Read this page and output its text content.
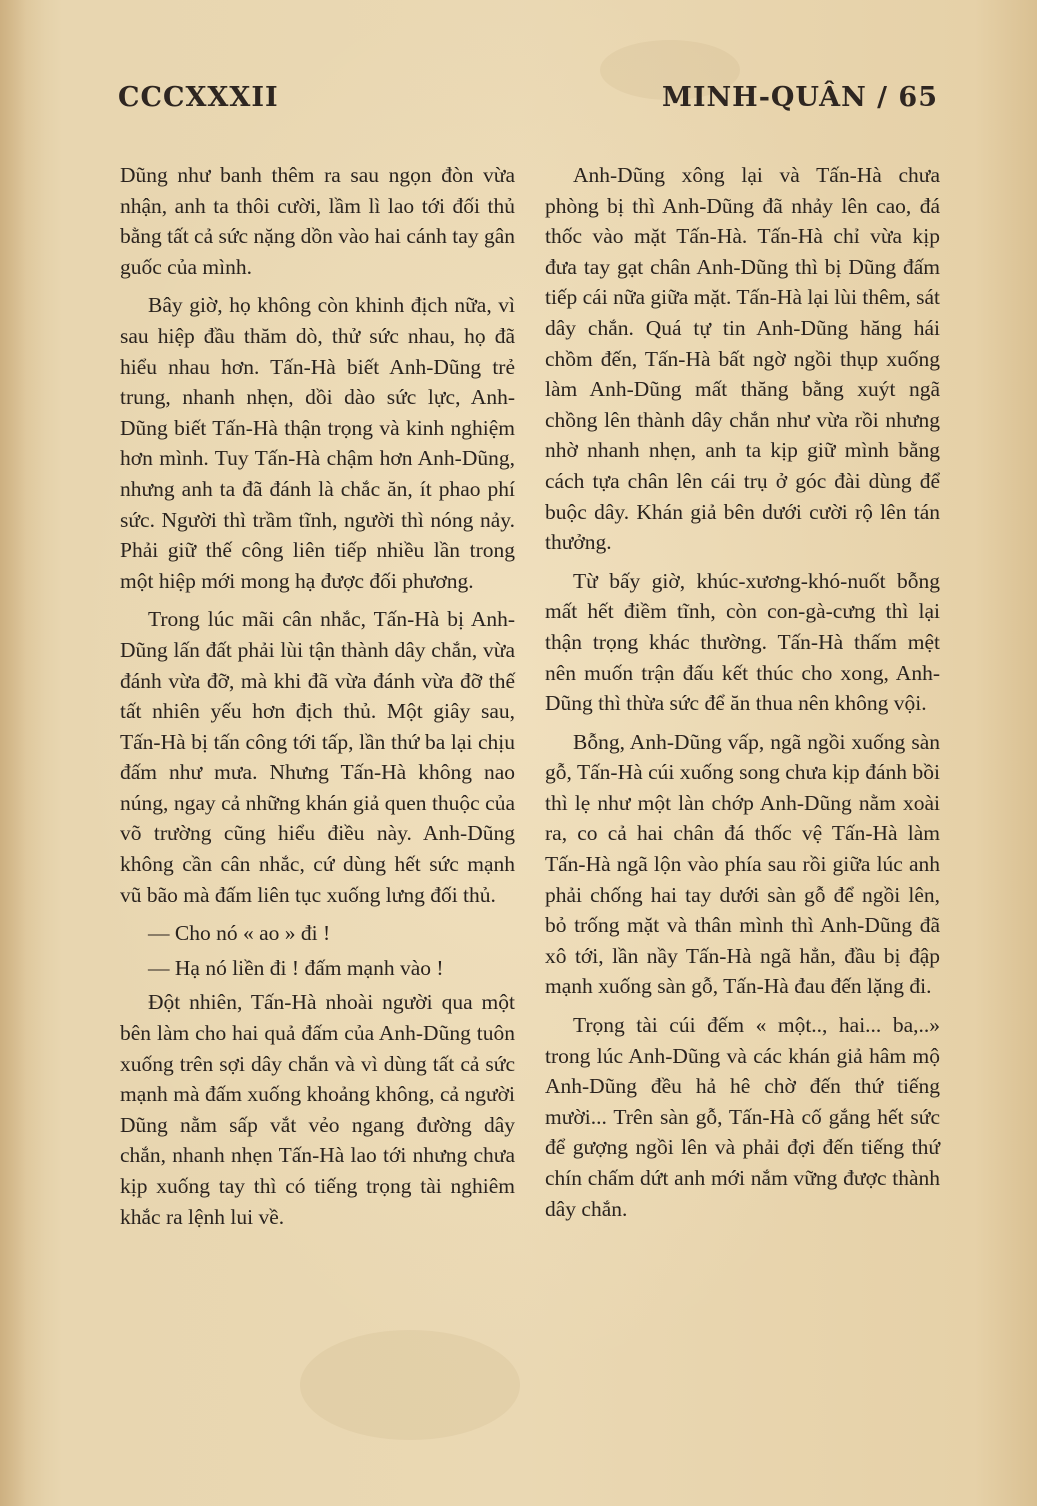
CCCXXXII	MINH-QUÂN / 65

Dũng như banh thêm ra sau ngọn đòn vừa nhận, anh ta thôi cười, lầm lì lao tới đối thủ bằng tất cả sức nặng dồn vào hai cánh tay gân guốc của mình.

Bây giờ, họ không còn khinh địch nữa, vì sau hiệp đầu thăm dò, thử sức nhau, họ đã hiểu nhau hơn. Tấn-Hà biết Anh-Dũng trẻ trung, nhanh nhẹn, dồi dào sức lực, Anh-Dũng biết Tấn-Hà thận trọng và kinh nghiệm hơn mình. Tuy Tấn-Hà chậm hơn Anh-Dũng, nhưng anh ta đã đánh là chắc ăn, ít phao phí sức. Người thì trầm tĩnh, người thì nóng nảy. Phải giữ thế công liên tiếp nhiều lần trong một hiệp mới mong hạ được đối phương.

Trong lúc mãi cân nhắc, Tấn-Hà bị Anh-Dũng lấn đất phải lùi tận thành dây chắn, vừa đánh vừa đỡ, mà khi đã vừa đánh vừa đỡ thế tất nhiên yếu hơn địch thủ. Một giây sau, Tấn-Hà bị tấn công tới tấp, lần thứ ba lại chịu đấm như mưa. Nhưng Tấn-Hà không nao núng, ngay cả những khán giả quen thuộc của võ trường cũng hiểu điều này. Anh-Dũng không cần cân nhắc, cứ dùng hết sức mạnh vũ bão mà đấm liên tục xuống lưng đối thủ.

— Cho nó « ao » đi !

— Hạ nó liền đi ! đấm mạnh vào !

Đột nhiên, Tấn-Hà nhoài người qua một bên làm cho hai quả đấm của Anh-Dũng tuôn xuống trên sợi dây chắn và vì dùng tất cả sức mạnh mà đấm xuống khoảng không, cả người Dũng nằm sấp vắt vẻo ngang đường dây chắn, nhanh nhẹn Tấn-Hà lao tới nhưng chưa kịp xuống tay thì có tiếng trọng tài nghiêm khắc ra lệnh lui về.

Anh-Dũng xông lại và Tấn-Hà chưa phòng bị thì Anh-Dũng đã nhảy lên cao, đá thốc vào mặt Tấn-Hà. Tấn-Hà chỉ vừa kịp đưa tay gạt chân Anh-Dũng thì bị Dũng đấm tiếp cái nữa giữa mặt. Tấn-Hà lại lùi thêm, sát dây chắn. Quá tự tin Anh-Dũng hăng hái chồm đến, Tấn-Hà bất ngờ ngồi thụp xuống làm Anh-Dũng mất thăng bằng xuýt ngã chồng lên thành dây chắn như vừa rồi nhưng nhờ nhanh nhẹn, anh ta kịp giữ mình bằng cách tựa chân lên cái trụ ở góc đài dùng để buộc dây. Khán giả bên dưới cười rộ lên tán thưởng.

Từ bấy giờ, khúc-xương-khó-nuốt bỗng mất hết điềm tĩnh, còn con-gà-cưng thì lại thận trọng khác thường. Tấn-Hà thấm mệt nên muốn trận đấu kết thúc cho xong, Anh-Dũng thì thừa sức để ăn thua nên không vội.

Bỗng, Anh-Dũng vấp, ngã ngồi xuống sàn gỗ, Tấn-Hà cúi xuống song chưa kịp đánh bồi thì lẹ như một làn chớp Anh-Dũng nằm xoài ra, co cả hai chân đá thốc vệ Tấn-Hà làm Tấn-Hà ngã lộn vào phía sau rồi giữa lúc anh phải chống hai tay dưới sàn gỗ để ngồi lên, bỏ trống mặt và thân mình thì Anh-Dũng đã xô tới, lần nầy Tấn-Hà ngã hẳn, đầu bị đập mạnh xuống sàn gỗ, Tấn-Hà đau đến lặng đi.

Trọng tài cúi đếm « một.., hai... ba,..» trong lúc Anh-Dũng và các khán giả hâm mộ Anh-Dũng đều hả hê chờ đến thứ tiếng mười... Trên sàn gỗ, Tấn-Hà cố gắng hết sức để gượng ngồi lên và phải đợi đến tiếng thứ chín chấm dứt anh mới nắm vững được thành dây chắn.
